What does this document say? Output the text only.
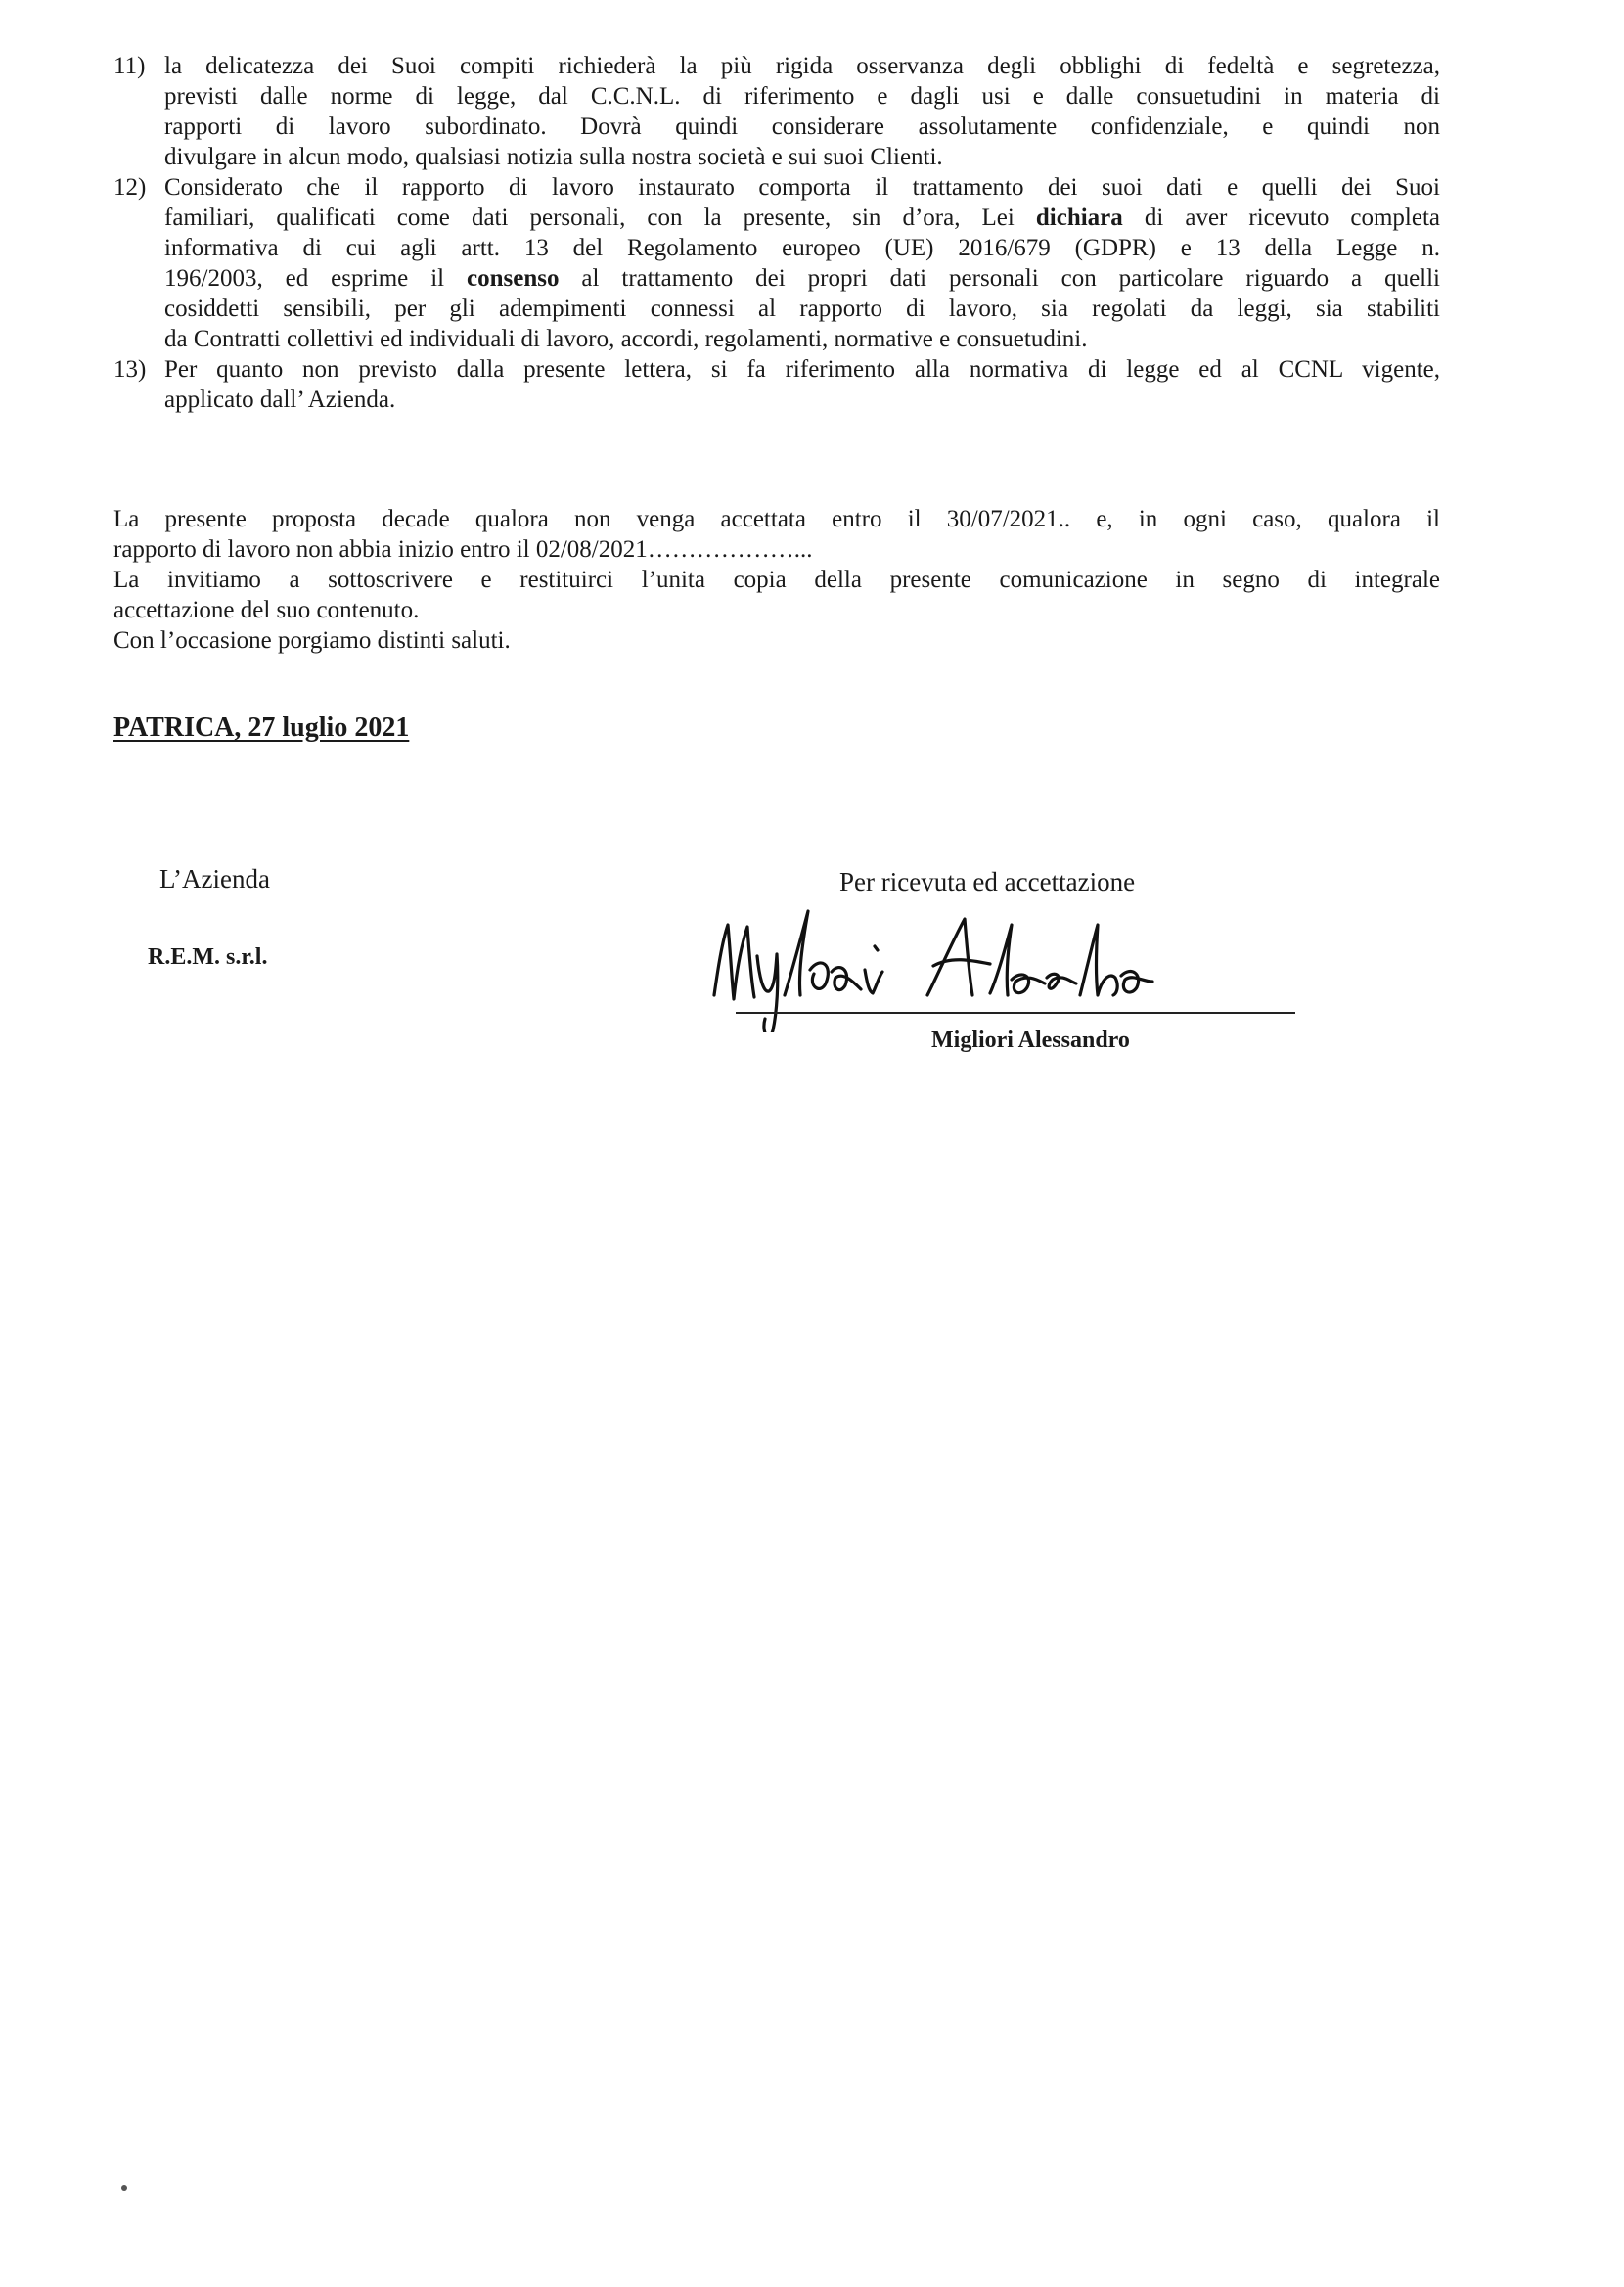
11) la delicatezza dei Suoi compiti richiederà la più rigida osservanza degli obblighi di fedeltà e segretezza,
previsti dalle norme di legge, dal C.C.N.L. di riferimento e dagli usi e dalle consuetudini in materia di
rapporti di lavoro subordinato. Dovrà quindi considerare assolutamente confidenziale, e quindi non
divulgare in alcun modo, qualsiasi notizia sulla nostra società e sui suoi Clienti.

12) Considerato che il rapporto di lavoro instaurato comporta il trattamento dei suoi dati e quelli dei Suoi
familiari, qualificati come dati personali, con la presente, sin d’ora, Lei dichiara di aver ricevuto completa
informativa di cui agli artt. 13 del Regolamento europeo (UE) 2016/679 (GDPR) e 13 della Legge n.
196/2003, ed esprime il consenso al trattamento dei propri dati personali con particolare riguardo a quelli
cosiddetti sensibili, per gli adempimenti connessi al rapporto di lavoro, sia regolati da leggi, sia stabiliti
da Contratti collettivi ed individuali di lavoro, accordi, regolamenti, normative e consuetudini.

13) Per quanto non previsto dalla presente lettera, si fa riferimento alla normativa di legge ed al CCNL vigente,
applicato dall’ Azienda.

La presente proposta decade qualora non venga accettata entro il 30/07/2021.. e, in ogni caso, qualora il
rapporto di lavoro non abbia inizio entro il 02/08/2021………………...
La invitiamo a sottoscrivere e restituirci l’unita copia della presente comunicazione in segno di integrale
accettazione del suo contenuto.
Con l’occasione porgiamo distinti saluti.

PATRICA, 27 luglio 2021
L’Azienda
R.E.M. s.r.l.
Per ricevuta ed accettazione
Migliori Alessandro
